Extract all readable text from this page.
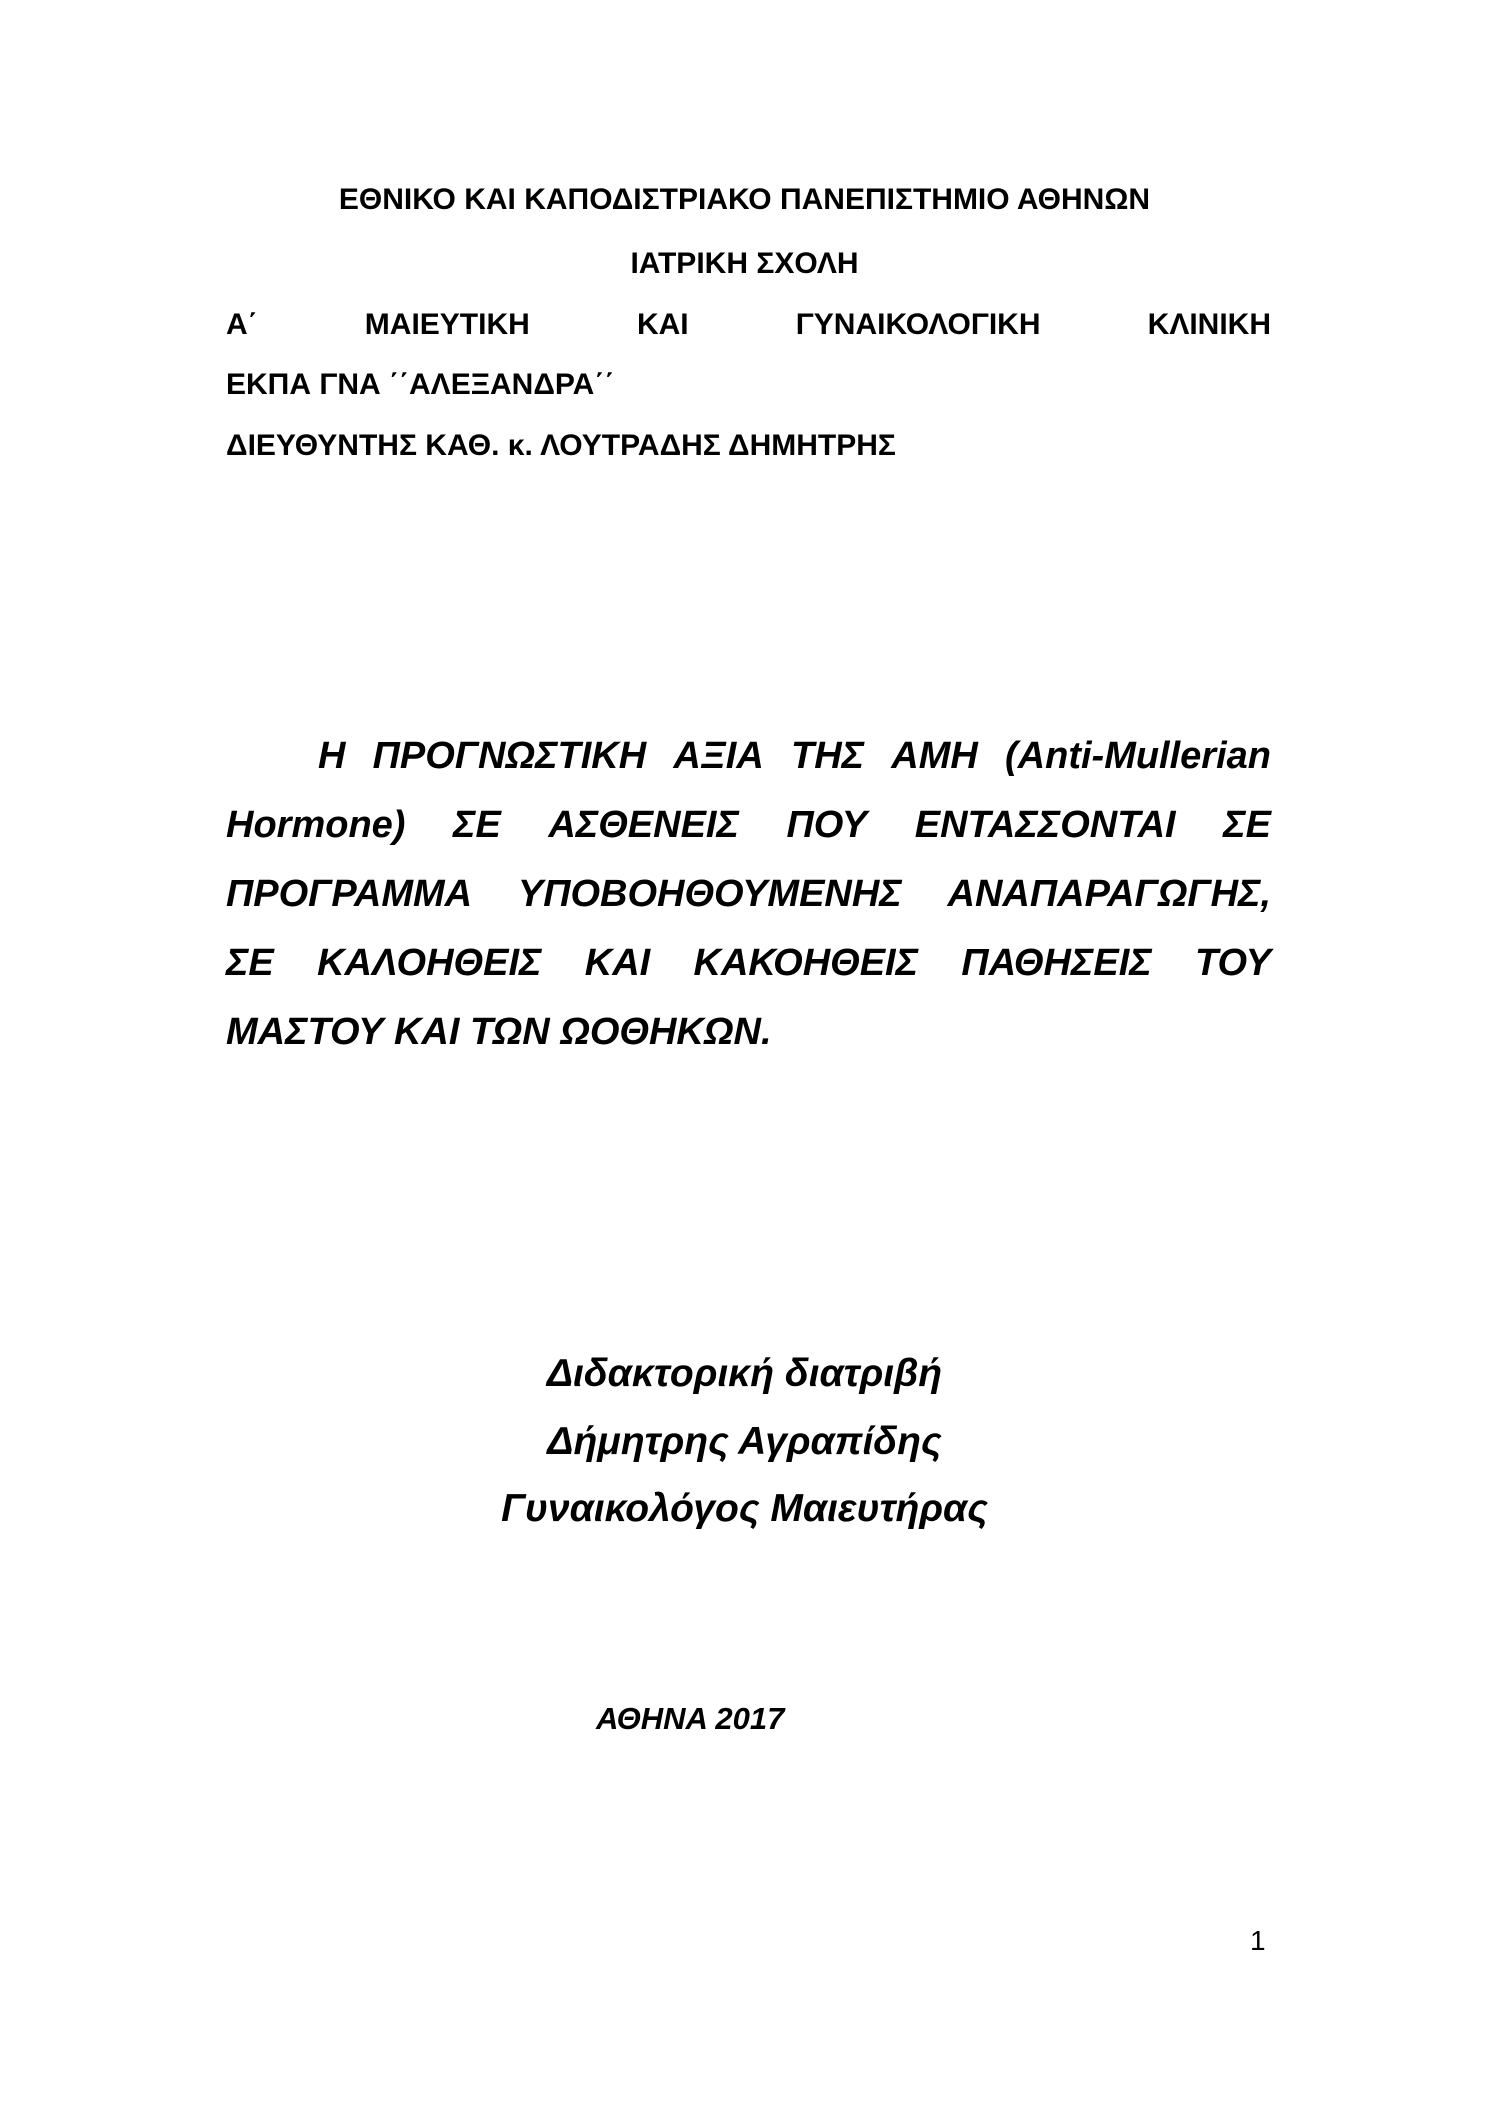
ΕΘΝΙΚΟ ΚΑΙ ΚΑΠΟΔΙΣΤΡΙΑΚΟ ΠΑΝΕΠΙΣΤΗΜΙΟ ΑΘΗΝΩΝ
ΙΑΤΡΙΚΗ ΣΧΟΛΗ
Α΄	ΜΑΙΕΥΤΙΚΗ	ΚΑΙ	ΓΥΝΑΙΚΟΛΟΓΙΚΗ	ΚΛΙΝΙΚΗ
ΕΚΠΑ ΓΝΑ ΄΄ΑΛΕΞΑΝΔΡΑ΄΄
ΔΙΕΥΘΥΝΤΗΣ ΚΑΘ. κ. ΛΟΥΤΡΑΔΗΣ ΔΗΜΗΤΡΗΣ
Η ΠΡΟΓΝΩΣΤΙΚΗ ΑΞΙΑ ΤΗΣ ΑΜΗ (Anti-Mullerian
Hormone) ΣΕ ΑΣΘΕΝΕΙΣ ΠΟΥ ΕΝΤΑΣΣΟΝΤΑΙ ΣΕ
ΠΡΟΓΡΑΜΜΑ ΥΠΟΒΟΗΘΟΥΜΕΝΗΣ ΑΝΑΠΑΡΑΓΩΓΗΣ,
ΣΕ ΚΑΛΟΗΘΕΙΣ ΚΑΙ ΚΑΚΟΗΘΕΙΣ ΠΑΘΗΣΕΙΣ ΤΟΥ
ΜΑΣΤΟΥ ΚΑΙ ΤΩΝ ΩΟΘΗΚΩΝ.
Διδακτορική διατριβή
Δήμητρης Αγραπίδης
Γυναικολόγος Μαιευτήρας
ΑΘΗΝΑ 2017
1
